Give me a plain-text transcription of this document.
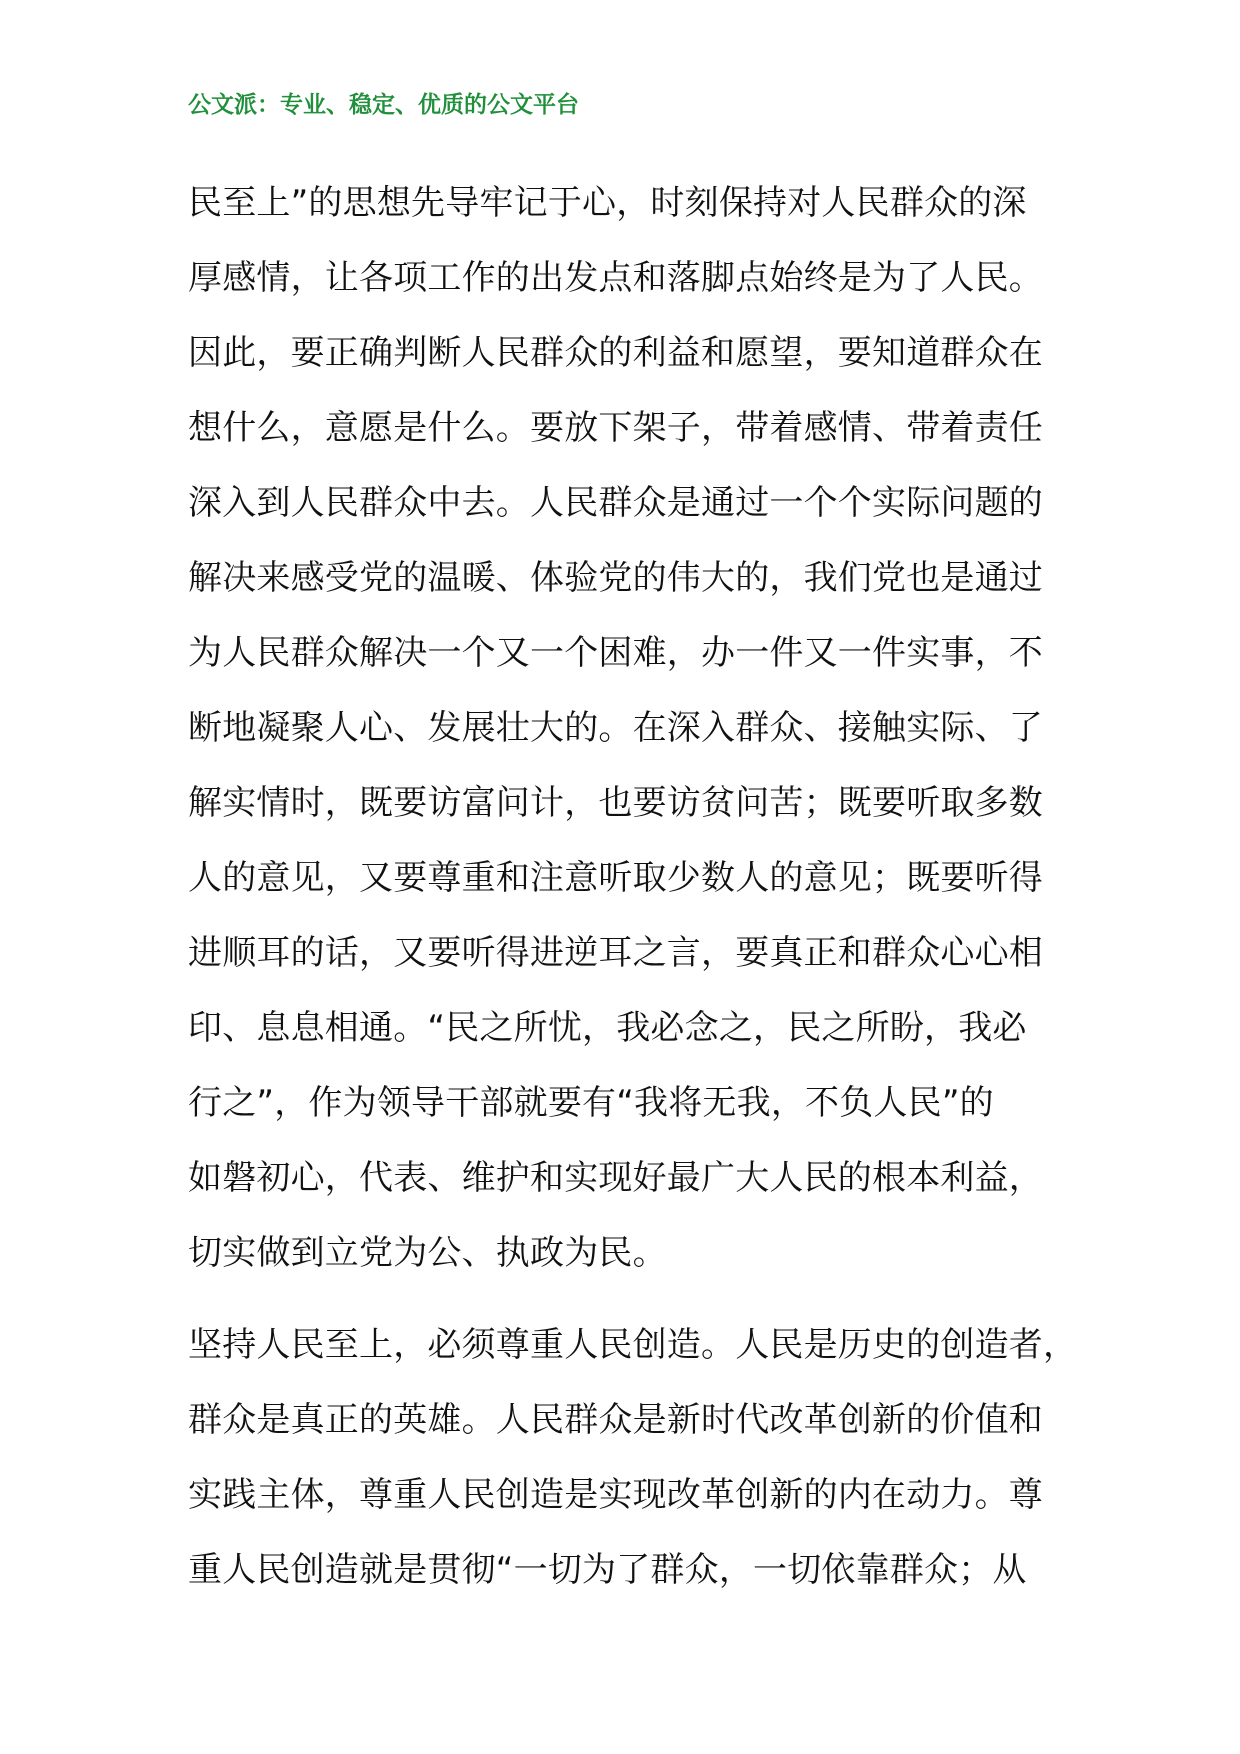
公文派：专业、稳定、优质的公文平台
民至上”的思想先导牢记于心，时刻保持对人民群众的深
厚感情，让各项工作的出发点和落脚点始终是为了人民。
因此，要正确判断人民群众的利益和愿望，要知道群众在
想什么，意愿是什么。要放下架子，带着感情、带着责任
深入到人民群众中去。人民群众是通过一个个实际问题的
解决来感受党的温暖、体验党的伟大的，我们党也是通过
为人民群众解决一个又一个困难，办一件又一件实事，不
断地凝聚人心、发展壮大的。在深入群众、接触实际、了
解实情时，既要访富问计，也要访贫问苦；既要听取多数
人的意见，又要尊重和注意听取少数人的意见；既要听得
进顺耳的话，又要听得进逆耳之言，要真正和群众心心相
印、息息相通。“民之所忧，我必念之，民之所盼，我必
行之”，作为领导干部就要有“我将无我，不负人民”的
如磐初心，代表、维护和实现好最广大人民的根本利益，
切实做到立党为公、执政为民。
坚持人民至上，必须尊重人民创造。人民是历史的创造者，
群众是真正的英雄。人民群众是新时代改革创新的价值和
实践主体，尊重人民创造是实现改革创新的内在动力。尊
重人民创造就是贯彻“一切为了群众，一切依靠群众；从
